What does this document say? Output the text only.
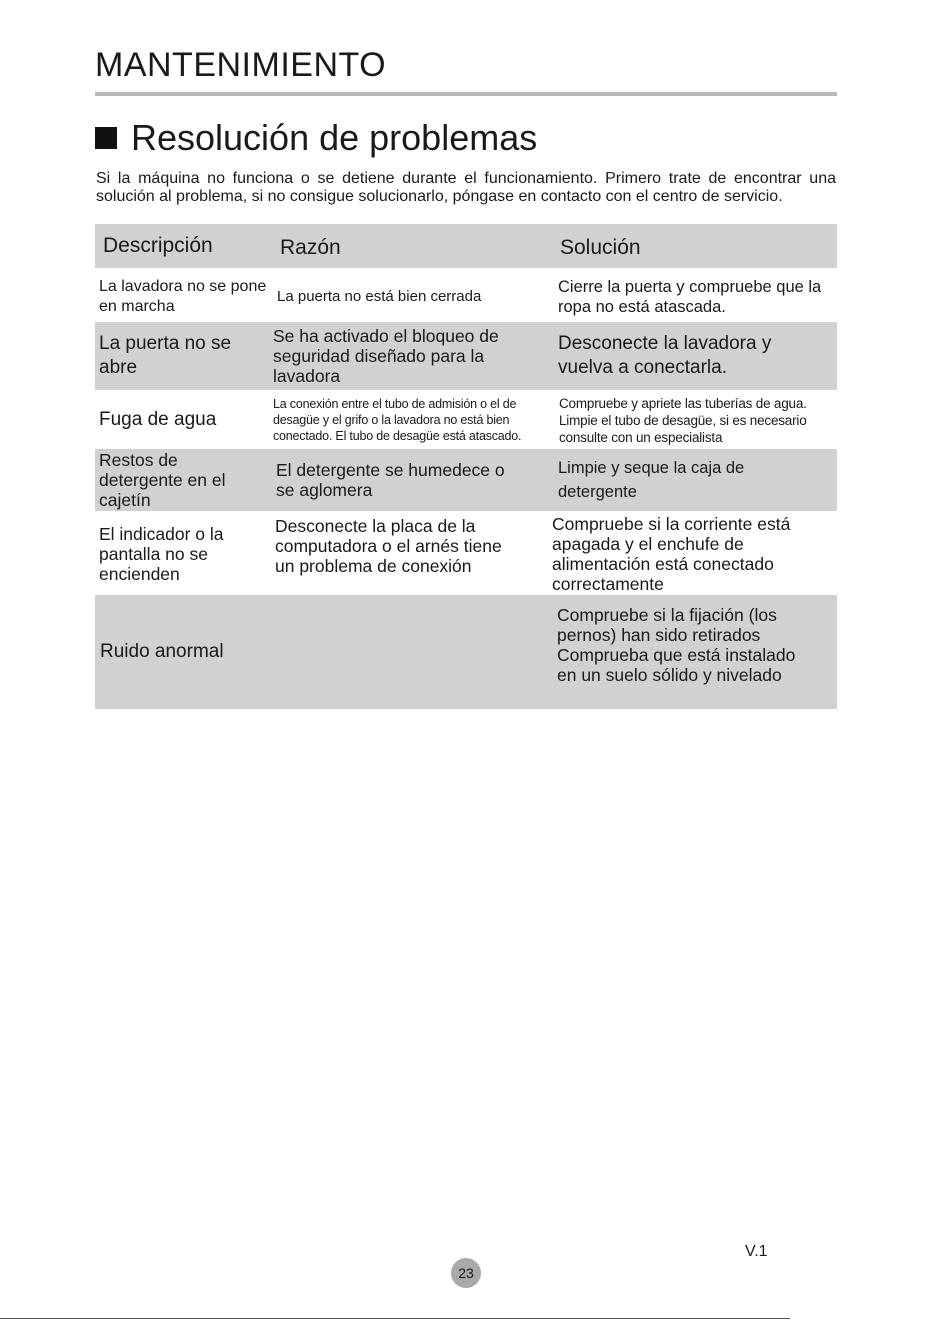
MANTENIMIENTO
Resolución de problemas

Si la máquina no funciona o se detiene durante el funcionamiento. Primero trate de encontrar una solución al problema, si no consigue solucionarlo, póngase en contacto con el centro de servicio.

Descripción	Razón	Solución
La lavadora no se pone en marcha
La puerta no está bien cerrada
Cierre la puerta y compruebe que la ropa no está atascada.
La puerta no se abre
Se ha activado el bloqueo de seguridad diseñado para la lavadora
Desconecte la lavadora y vuelva a conectarla.
Fuga de agua
La conexión entre el tubo de admisión o el de desagüe y el grifo o la lavadora no está bien conectado. El tubo de desagüe está atascado.
Compruebe y apriete las tuberías de agua. Limpie el tubo de desagüe, si es necesario consulte con un especialista
Restos de detergente en el cajetín
El detergente se humedece o se aglomera
Limpie y seque la caja de detergente
El indicador o la pantalla no se encienden
Desconecte la placa de la computadora o el arnés tiene un problema de conexión
Compruebe si la corriente está apagada y el enchufe de alimentación está conectado correctamente
Ruido anormal
Compruebe si la fijación (los pernos) han sido retirados Comprueba que está instalado en un suelo sólido y nivelado
V.1
23
